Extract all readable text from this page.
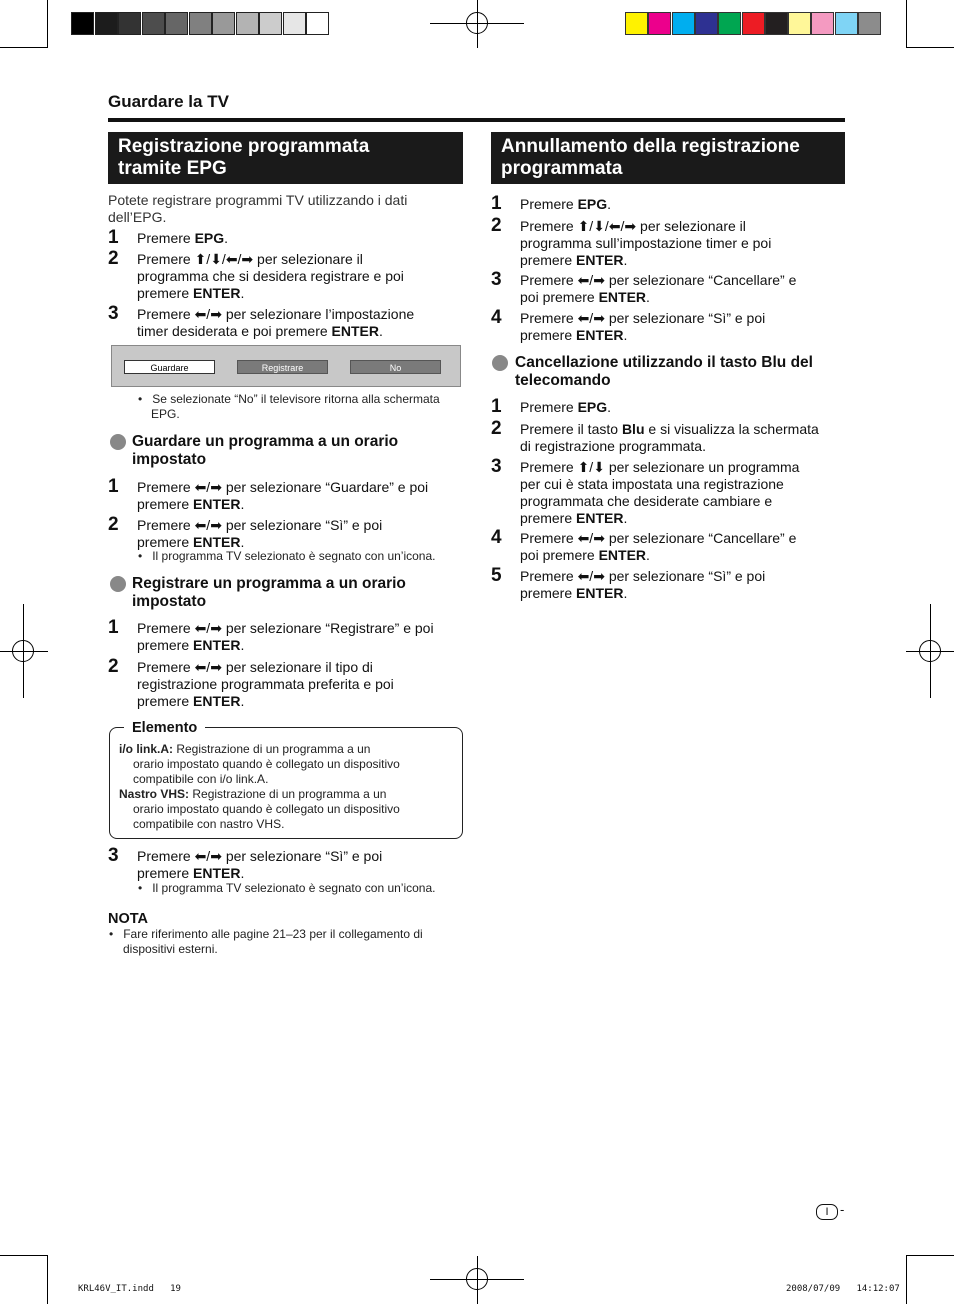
Guardare la TV
Registrazione programmata
tramite EPG
Annullamento della registrazione
programmata
Potete registrare programmi TV utilizzando i dati
dell’EPG.
1 Premere EPG.
2 Premere ⬆/⬇/⬅/➡ per selezionare il
programma che si desidera registrare e poi
premere ENTER.
3 Premere ⬅/➡ per selezionare l’impostazione
timer desiderata e poi premere ENTER.
Guardare	Registrare	No
•   Se selezionate “No” il televisore ritorna alla schermata
EPG.
Guardare un programma a un orario
impostato
1 Premere ⬅/➡ per selezionare “Guardare” e poi
premere ENTER.
2 Premere ⬅/➡ per selezionare “Sì” e poi
premere ENTER.
•   Il programma TV selezionato è segnato con un’icona.
Registrare un programma a un orario
impostato
1 Premere ⬅/➡ per selezionare “Registrare” e poi
premere ENTER.
2 Premere ⬅/➡ per selezionare il tipo di
registrazione programmata preferita e poi
premere ENTER.
Elemento
i/o link.A: Registrazione di un programma a un
orario impostato quando è collegato un dispositivo
compatibile con i/o link.A.
Nastro VHS: Registrazione di un programma a un
orario impostato quando è collegato un dispositivo
compatibile con nastro VHS.
3 Premere ⬅/➡ per selezionare “Sì” e poi
premere ENTER.
•   Il programma TV selezionato è segnato con un’icona.
NOTA
•   Fare riferimento alle pagine 21–23 per il collegamento di
dispositivi esterni.
1 Premere EPG.
2 Premere ⬆/⬇/⬅/➡ per selezionare il
programma sull’impostazione timer e poi
premere ENTER.
3 Premere ⬅/➡ per selezionare “Cancellare” e
poi premere ENTER.
4 Premere ⬅/➡ per selezionare “Sì” e poi
premere ENTER.
Cancellazione utilizzando il tasto Blu del
telecomando
1 Premere EPG.
2 Premere il tasto Blu e si visualizza la schermata
di registrazione programmata.
3 Premere ⬆/⬇ per selezionare un programma
per cui è stata impostata una registrazione
programmata che desiderate cambiare e
premere ENTER.
4 Premere ⬅/➡ per selezionare “Cancellare” e
poi premere ENTER.
5 Premere ⬅/➡ per selezionare “Sì” e poi
premere ENTER.
I -
KRL46V_IT.indd   19	2008/07/09   14:12:07
